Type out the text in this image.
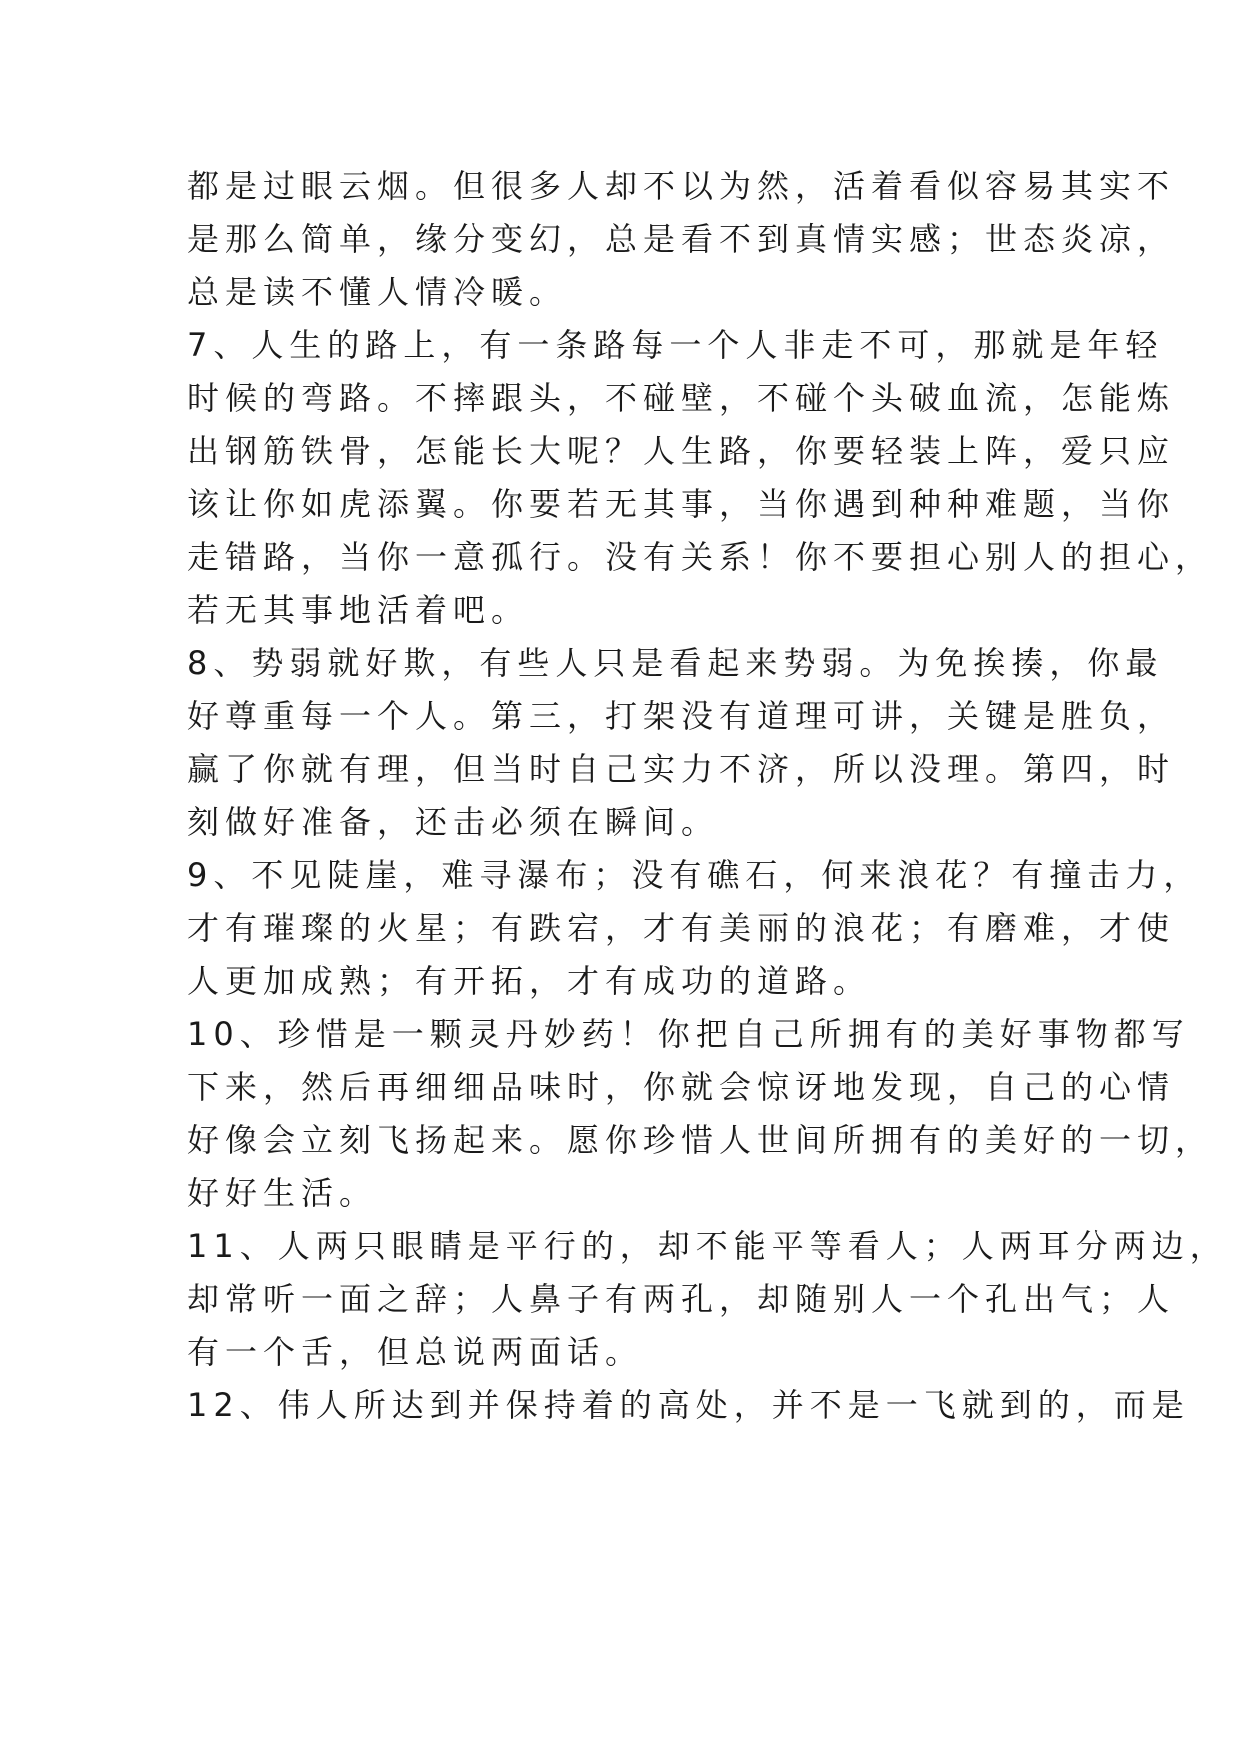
都是过眼云烟。但很多人却不以为然，活着看似容易其实不
是那么简单，缘分变幻，总是看不到真情实感；世态炎凉，
总是读不懂人情冷暖。
7、人生的路上，有一条路每一个人非走不可，那就是年轻
时候的弯路。不摔跟头，不碰壁，不碰个头破血流，怎能炼
出钢筋铁骨，怎能长大呢？人生路，你要轻装上阵，爱只应
该让你如虎添翼。你要若无其事，当你遇到种种难题，当你
走错路，当你一意孤行。没有关系！你不要担心别人的担心，
若无其事地活着吧。
8、势弱就好欺，有些人只是看起来势弱。为免挨揍，你最
好尊重每一个人。第三，打架没有道理可讲，关键是胜负，
赢了你就有理，但当时自己实力不济，所以没理。第四，时
刻做好准备，还击必须在瞬间。
9、不见陡崖，难寻瀑布；没有礁石，何来浪花？有撞击力，
才有璀璨的火星；有跌宕，才有美丽的浪花；有磨难，才使
人更加成熟；有开拓，才有成功的道路。
10、珍惜是一颗灵丹妙药！你把自己所拥有的美好事物都写
下来，然后再细细品味时，你就会惊讶地发现，自己的心情
好像会立刻飞扬起来。愿你珍惜人世间所拥有的美好的一切，
好好生活。
11、人两只眼睛是平行的，却不能平等看人；人两耳分两边，
却常听一面之辞；人鼻子有两孔，却随别人一个孔出气；人
有一个舌，但总说两面话。
12、伟人所达到并保持着的高处，并不是一飞就到的，而是
